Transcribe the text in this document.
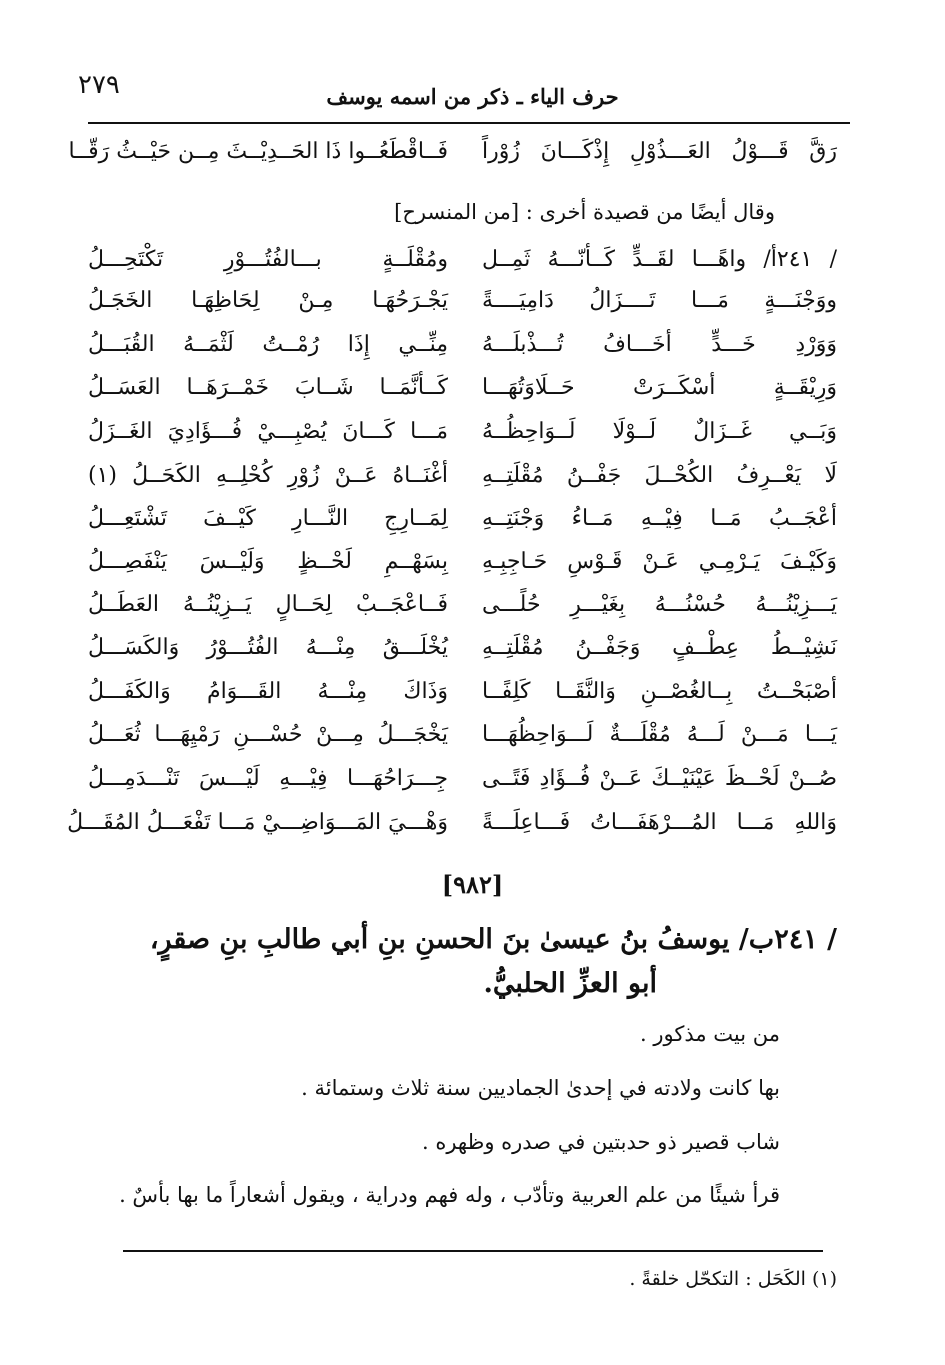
٢٧٩	حرف الياء ـ ذكر من اسمه يوسف
رَقَّ قَـــوْلُ العَـــذُوْلِ إِذْكَـــانَ زُوْراً
فَــاقْطَعُــوا ذَا الحَــدِيْــثَ مِــن حَيْــثُ رَقّــا
وقال أيضًا من قصيدة أخرى : [من المنسرح]
/ ٢٤١أ/ واهًـــا لقَــدٍّ كَــأنّـــهُ ثَمِــل
ومُقْلَــةٍ بـــالفُتُـــوْرِ تَكْتَحِـــلُ
ووَجْنَـــةٍ مَـــا تَــــزَالُ دَامِيَــــةً
يَجْـرَحُهَـا مِـنْ لِحَاظِهَـا الخَجَـلُ
وَوَرْدِ خَـــدٍّ أخَـــافُ تُـــذْبلَـــهُ
مِنِّــي إِذَا رُمْــتُ لَثْمَــهُ القُبَـــلُ
وَرِيْقَــةٍ أسْكَــرَتْ حَــلَاوَتُهَـــا
كَــأنَّمَــا شَــابَ خَمْــرَهَــا العَسَــلُ
وَبَــي غَــزَالٌ لَــوْلَا لَــوَاحِظُــهُ
مَـــا كَـــانَ يُصْبِـــيْ فُـــؤَادِيَ الغَــزَلُ
لَا يَعْــرِفُ الكُحْــلَ جَفْــنُ مُقْلَتِــهِ
أغْنَــاهُ عَــنْ زُوْرِ كُحْلِــهِ الكَحَــلُ (١)
أعْجَــبُ مَــا فِيْــهِ مَــاءُ وَجْنَتِــهِ
لِمَــارِجِ النَّـــارِ كَيْــفَ تَشْتَعِـــلُ
وَكَيْـفَ يَـرْمِـي عَـنْ قَـوْسِ حَـاجِبِـهِ
بِسَهْــمِ لَحْــظٍ وَلَيْــسَ يَنْفَصِـــلُ
يَـــزِيْنُـــهُ حُسْنُـــهُ بِغَيْـــرِ حُلًـــى
فَــاعْجَــبْ لِحَــالٍ يَــزِيْنُــهُ العَطَــلُ
نَشِيْــطُ عِطْــفٍ وَجَفْــنُ مُقْلَتِــهِ
يُخْلَـــقُ مِنْـــهُ الفُتُـــوْرُ وَالكَسَـــلُ
أصْبَحْــتُ بِــالغُصْــنِ وَالنَّقَــا كَلِفًــا
وَذَاكَ مِنْـــهُ القَـــوَامُ وَالكَفَـــلُ
يَـــا مَـــنْ لَـــهُ مُقْلَـــةٌ لَـــوَاحِظُهَـــا
يَخْجَـــلُ مِـــنْ حُسْـــنِ رَمْيِهَـــا ثُعَـــلُ
صُــنْ لَحْــظَ عَيْنَيْــكَ عَــنْ فُــؤَادِ فَتًــى
جِـــرَاحُهَـــا فِيْـــهِ لَيْـــسَ تَنْـــدَمِـــلُ
وَاللهِ مَـــا المُـــرْهَفَـــاتُ فَـــاعِلَـــةً
وَهْـــيَ المَـــوَاضِـــيْ مَـــا تَفْعَـــلُ المُقَـــلُ
[٩٨٢]
/ ٢٤١ب/ يوسفُ بنُ عيسىٰ بنَ الحسنِ بنِ أبي طالبِ بنِ صقرٍ،
أبو العزِّ الحلبيُّ.
من بيت مذكور .
بها كانت ولادته في إحدىٰ الجماديين سنة ثلاث وستمائة .
شاب قصير ذو حدبتين في صدره وظهره .
قرأ شيئًا من علم العربية وتأدّب ، وله فهم ودراية ، ويقول أشعاراً ما بها بأسٌ .
(١) الكَحَل : التكحّل خلقةً .
